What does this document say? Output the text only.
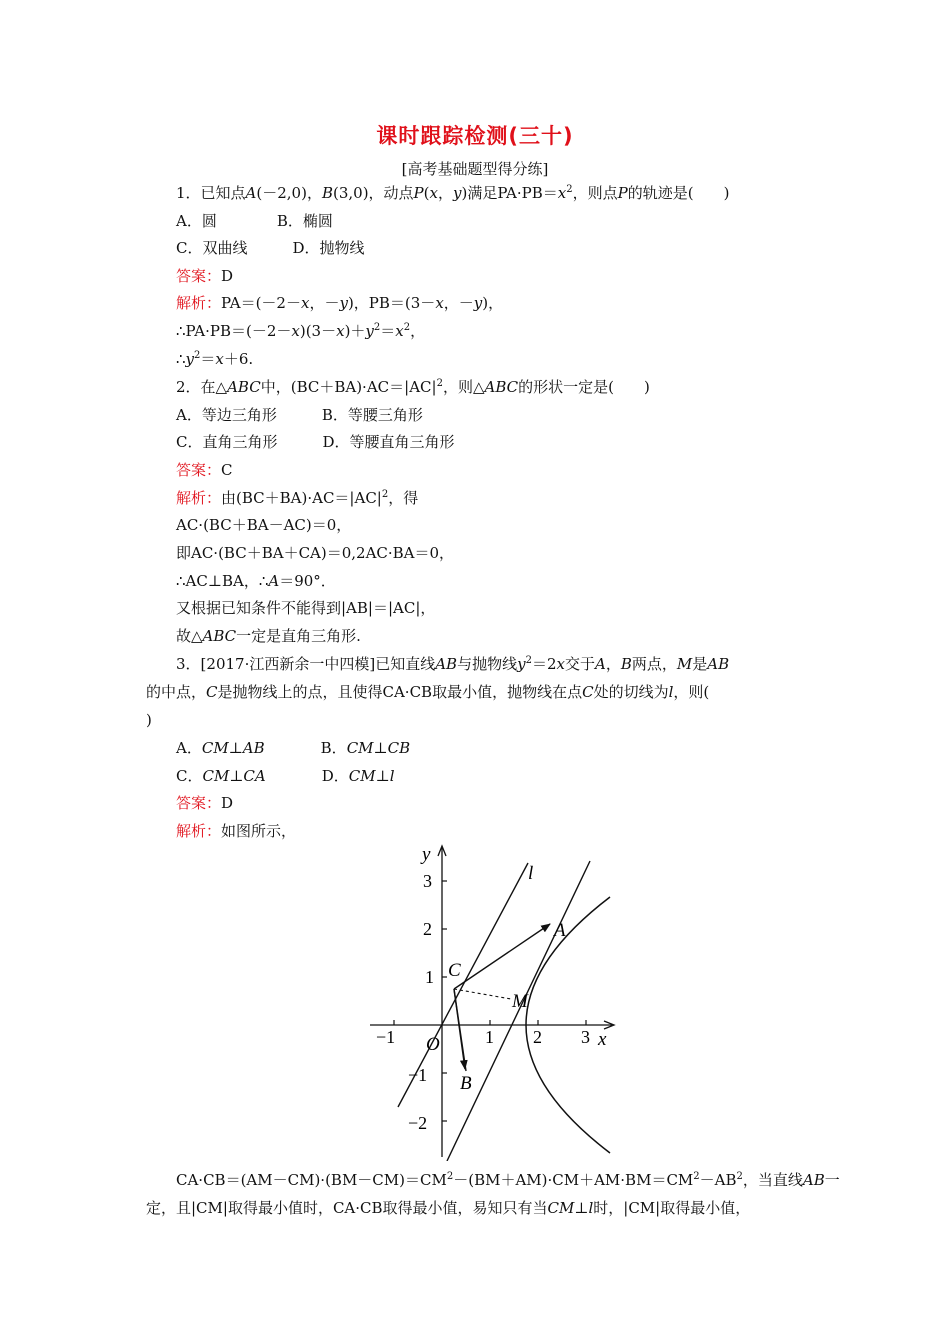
课时跟踪检测(三十)
[高考基础题型得分练]
1．已知点A(－2,0)，B(3,0)，动点P(x，y)满足$PA\cdot PB=x^2$，则点P的轨迹是(　　)
A．圆　　　　B．椭圆
C．双曲线　　　D．抛物线
答案：D
解析：PA＝(－2－x，－y)，PB＝(3－x，－y)，
$\therefore PA\cdot PB=(-2-x)(3-x)+y^2=x^2$，
$\therefore y^2=x+6$.
2．在△ABC中，$(BC+BA)\cdot AC=|AC|^2$，则△ABC的形状一定是(　　)
A．等边三角形　　　B．等腰三角形
C．直角三角形　　　D．等腰直角三角形
答案：C
解析：由$(BC+BA)\cdot AC=|AC|^2$，得
AC·(BC＋BA－AC)＝0，
即AC·(BC＋BA＋CA)＝0,2AC·BA＝0，
∴AC⊥BA，∴A＝90°．
又根据已知条件不能得到|AB|＝|AC|，
故△ABC一定是直角三角形.
3．[2017·江西新余一中四模]已知直线AB与抛物线$y^2=2x$交于A，B两点，M是AB
的中点，C是抛物线上的点，且使得CA·CB取最小值，抛物线在点C处的切线为l，则(
)
A．CM⊥AB	B．CM⊥CB
C．CM⊥CA	D．CM⊥l
答案：D
解析：如图所示，
y
x
O
−1	1 2 3
3
2
1
−1
−2
A
B
C
M
l
$CA\cdot CB=(AM-CM)\cdot(BM-CM)=CM^2-(BM+AM)\cdot CM+AM\cdot BM=CM^2-AB^2$，当直线AB一
定，且|CM|取得最小值时，CA·CB取得最小值，易知只有当CM⊥l时，|CM|取得最小值，
